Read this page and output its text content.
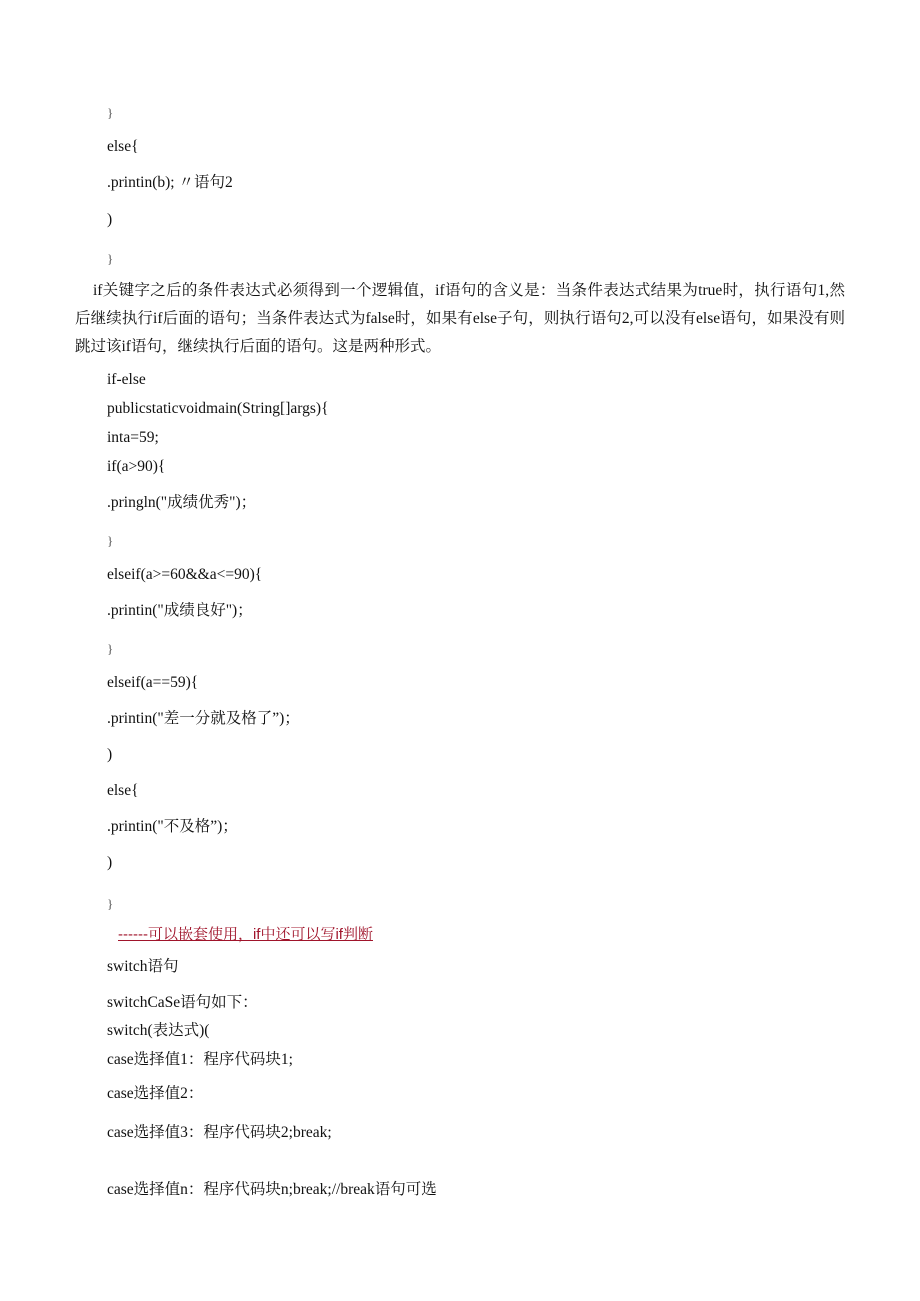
}
else{
.printin(b); 〃语句2
)
}
if关键字之后的条件表达式必须得到一个逻辑值，if语句的含义是：当条件表达式结果为true时，执行语句1,然后继续执行if后面的语句；当条件表达式为false时，如果有else子句，则执行语句2,可以没有else语句，如果没有则跳过该if语句，继续执行后面的语句。这是两种形式。
if-else
publicstaticvoidmain(String[]args){
inta=59;
if(a>90){
.pringln("成绩优秀")；
}
elseif(a>=60&&a<=90){
.printin("成绩良好")；
}
elseif(a==59){
.printin("差一分就及格了”)；
)
else{
.printin("不及格”)；
)
}
------可以嵌套使用，if中还可以写if判断
switch语句
switchCaSe语句如下：
switch(表达式)(
case选择值1：程序代码块1;
case选择值2：
case选择值3：程序代码块2;break;
case选择值n：程序代码块n;break;//break语句可选
